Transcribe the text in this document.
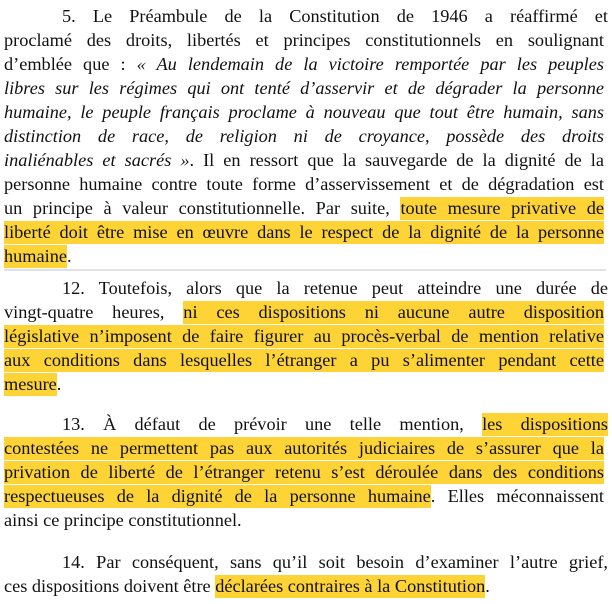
5. Le Préambule de la Constitution de 1946 a réaffirmé et
proclamé des droits, libertés et principes constitutionnels en soulignant
d’emblée que : « Au lendemain de la victoire remportée par les peuples
libres sur les régimes qui ont tenté d’asservir et de dégrader la personne
humaine, le peuple français proclame à nouveau que tout être humain, sans
distinction de race, de religion ni de croyance, possède des droits
inaliénables et sacrés ». Il en ressort que la sauvegarde de la dignité de la
personne humaine contre toute forme d’asservissement et de dégradation est
un principe à valeur constitutionnelle. Par suite, toute mesure privative de
liberté doit être mise en œuvre dans le respect de la dignité de la personne
humaine.
12. Toutefois, alors que la retenue peut atteindre une durée de
vingt-quatre heures, ni ces dispositions ni aucune autre disposition
législative n’imposent de faire figurer au procès-verbal de mention relative
aux conditions dans lesquelles l’étranger a pu s’alimenter pendant cette
mesure.
13. À défaut de prévoir une telle mention, les dispositions
contestées ne permettent pas aux autorités judiciaires de s’assurer que la
privation de liberté de l’étranger retenu s’est déroulée dans des conditions
respectueuses de la dignité de la personne humaine. Elles méconnaissent
ainsi ce principe constitutionnel.
14. Par conséquent, sans qu’il soit besoin d’examiner l’autre grief,
ces dispositions doivent être déclarées contraires à la Constitution.
